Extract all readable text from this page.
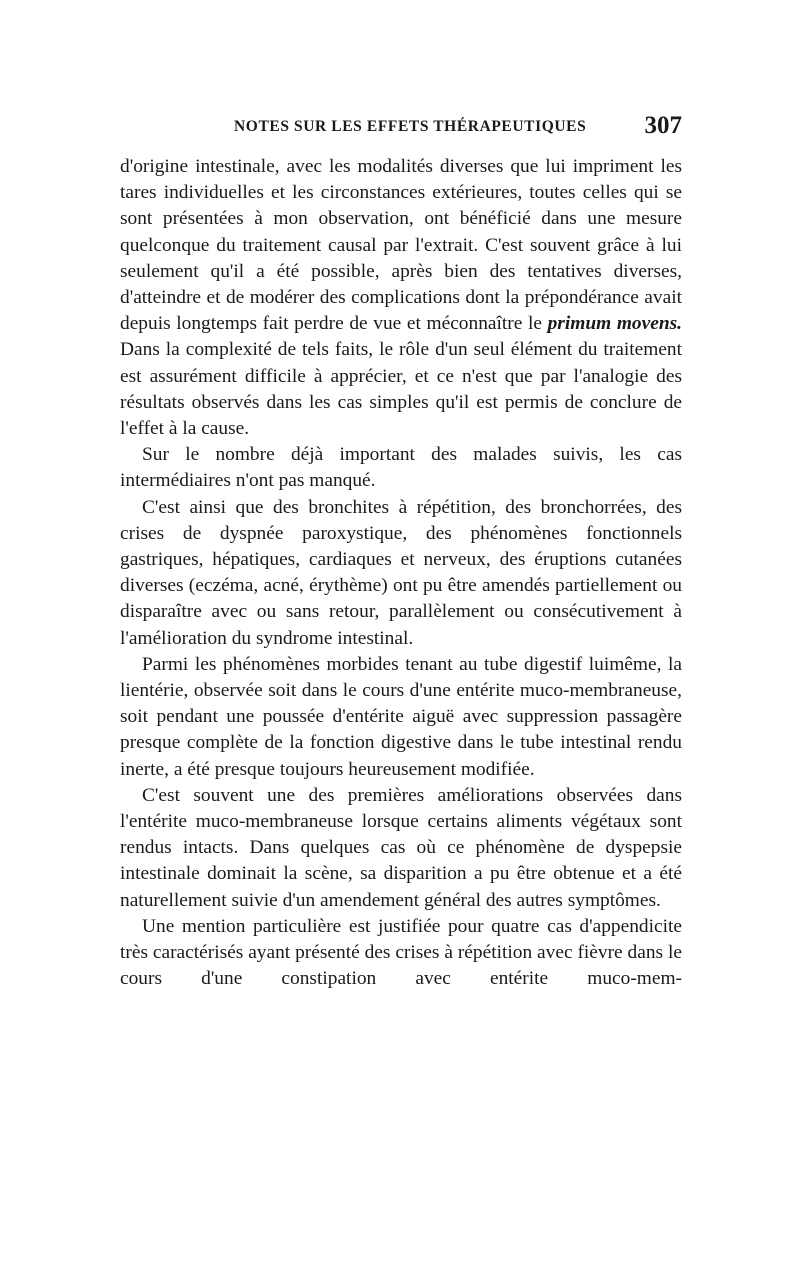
NOTES SUR LES EFFETS THÉRAPEUTIQUES 307

d'origine intestinale, avec les modalités diverses que lui impriment les tares individuelles et les circonstances extérieures, toutes celles qui se sont présentées à mon observation, ont bénéficié dans une mesure quelconque du traitement causal par l'extrait. C'est souvent grâce à lui seulement qu'il a été possible, après bien des tentatives diverses, d'atteindre et de modérer des complications dont la prépondérance avait depuis longtemps fait perdre de vue et méconnaître le primum movens. Dans la complexité de tels faits, le rôle d'un seul élément du traitement est assurément difficile à apprécier, et ce n'est que par l'analogie des résultats observés dans les cas simples qu'il est permis de conclure de l'effet à la cause.

Sur le nombre déjà important des malades suivis, les cas intermédiaires n'ont pas manqué.

C'est ainsi que des bronchites à répétition, des bronchorrées, des crises de dyspnée paroxystique, des phénomènes fonctionnels gastriques, hépatiques, cardiaques et nerveux, des éruptions cutanées diverses (eczéma, acné, érythème) ont pu être amendés partiellement ou disparaître avec ou sans retour, parallèlement ou consécutivement à l'amélioration du syndrome intestinal.

Parmi les phénomènes morbides tenant au tube digestif luimême, la lientérie, observée soit dans le cours d'une entérite muco-membraneuse, soit pendant une poussée d'entérite aiguë avec suppression passagère presque complète de la fonction digestive dans le tube intestinal rendu inerte, a été presque toujours heureusement modifiée.

C'est souvent une des premières améliorations observées dans l'entérite muco-membraneuse lorsque certains aliments végétaux sont rendus intacts. Dans quelques cas où ce phénomène de dyspepsie intestinale dominait la scène, sa disparition a pu être obtenue et a été naturellement suivie d'un amendement général des autres symptômes.

Une mention particulière est justifiée pour quatre cas d'appendicite très caractérisés ayant présenté des crises à répétition avec fièvre dans le cours d'une constipation avec entérite muco-mem-
